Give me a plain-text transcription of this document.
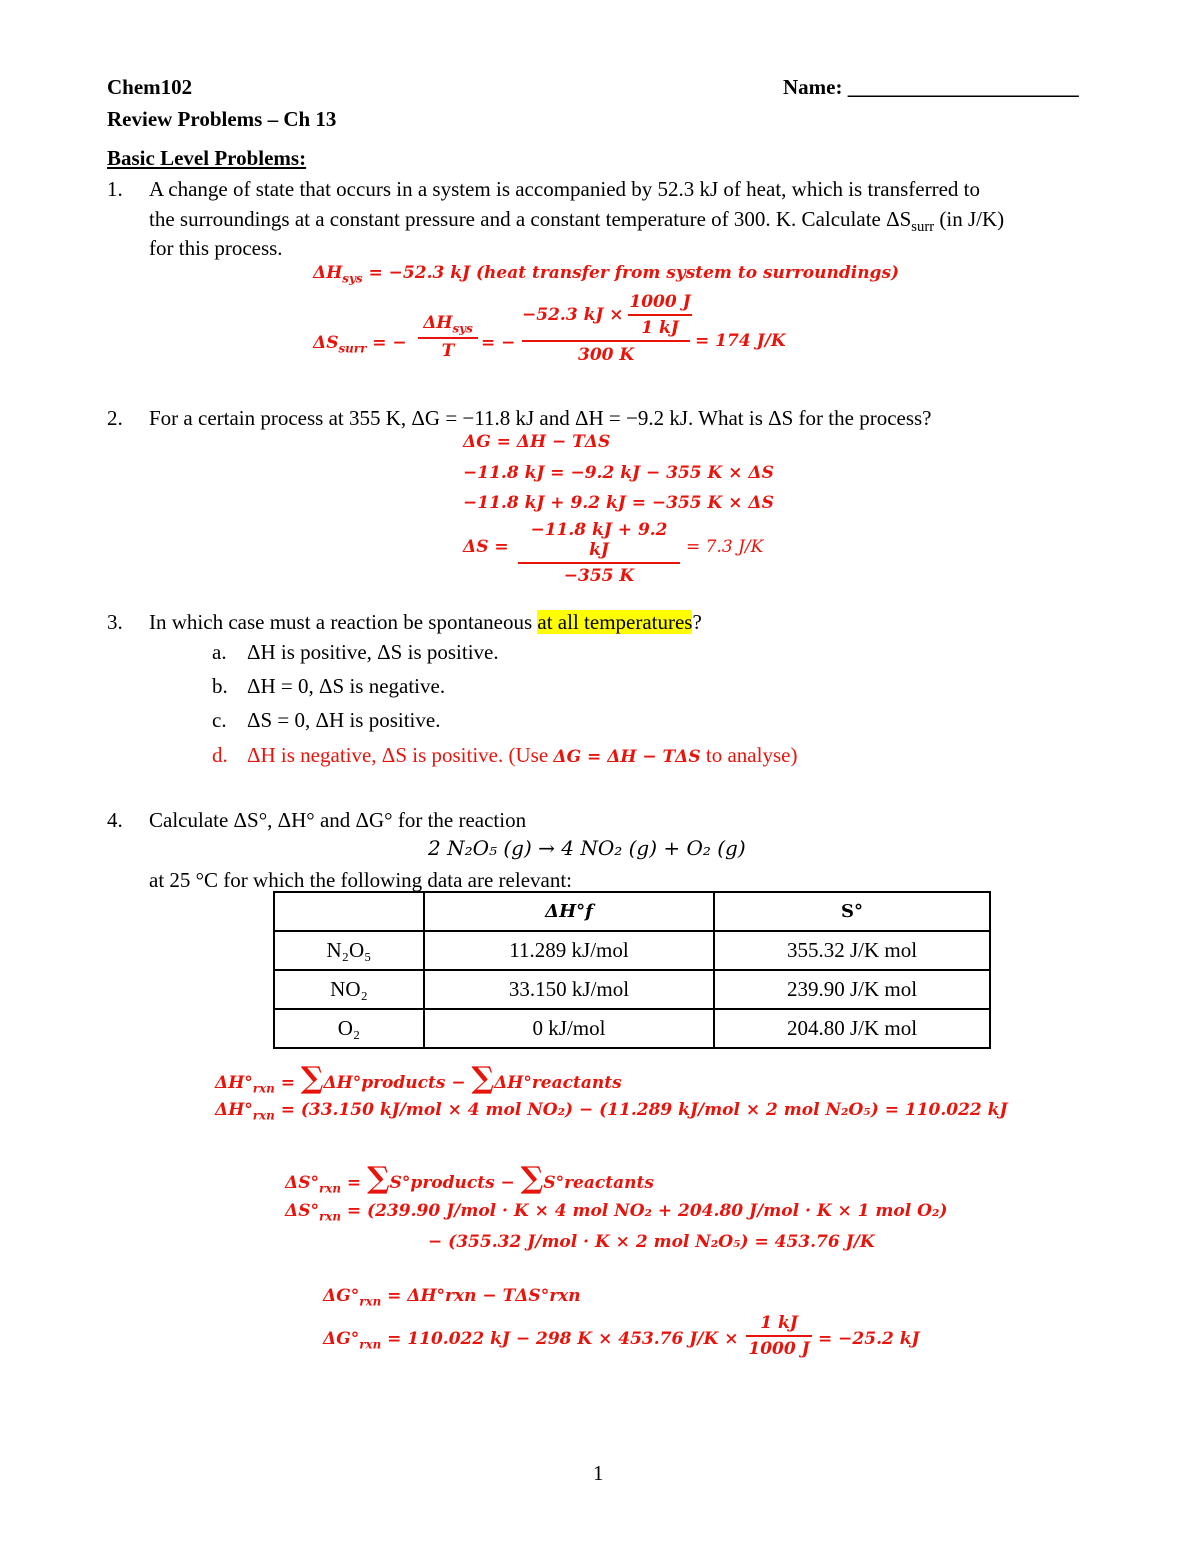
Chem102	Name: ______________________
Review Problems – Ch 13
Basic Level Problems:
1. A change of state that occurs in a system is accompanied by 52.3 kJ of heat, which is transferred to
the surroundings at a constant pressure and a constant temperature of 300. K. Calculate $\Delta S_{surr}$ (in J/K)
for this process.
$\Delta H_{sys} = -52.3$ kJ (heat transfer from system to surroundings)
$\Delta S_{surr}$ = −
$\Delta H_{sys}$
T	= −
−52.3 kJ ×
1000 J
1 kJ
300 K
= 174 J/K
2. For a certain process at 355 K, ΔG = −11.8 kJ and ΔH = −9.2 kJ. What is ΔS for the process?
ΔG = ΔH − TΔS
−11.8 kJ = −9.2 kJ − 355 K × ΔS
−11.8 kJ + 9.2 kJ = −355 K × ΔS
ΔS =
−11.8 kJ + 9.2 kJ
−355 K
= 7.3 J/K
3. In which case must a reaction be spontaneous at all temperatures?
a. ΔH is positive, ΔS is positive.
b. ΔH = 0, ΔS is negative.
c. ΔS = 0, ΔH is positive.
d. ΔH is negative, ΔS is positive. (Use ΔG = ΔH − TΔS to analyse)
4. Calculate ΔS°, ΔH° and ΔG° for the reaction
2 N₂O₅ (g) → 4 NO₂ (g) + O₂ (g)
at 25 °C for which the following data are relevant:
	ΔH°f	S°
N₂O₅	11.289 kJ/mol	355.32 J/K mol
NO₂	33.150 kJ/mol	239.90 J/K mol
O₂	0 kJ/mol	204.80 J/K mol
$\Delta H^\circ_{rxn}$ = ∑ΔH°products − ∑ΔH°reactants
$\Delta H^\circ_{rxn} = (33.150$ kJ/mol × 4 mol NO₂) − (11.289 kJ/mol × 2 mol N₂O₅) = 110.022 kJ
$\Delta S^\circ_{rxn}$ = ∑S°products − ∑S°reactants
$\Delta S^\circ_{rxn} = (239.90$ J/mol · K × 4 mol NO₂ + 204.80 J/mol · K × 1 mol O₂)
− (355.32 J/mol · K × 2 mol N₂O₅) = 453.76 J/K
$\Delta G^\circ_{rxn} = \Delta H^\circ rxn - T\Delta S^\circ rxn$
$\Delta G^\circ_{rxn} = 110.022$ kJ − 298 K × 453.76 J/K ×
1 kJ
1000 J = −25.2 kJ
1
